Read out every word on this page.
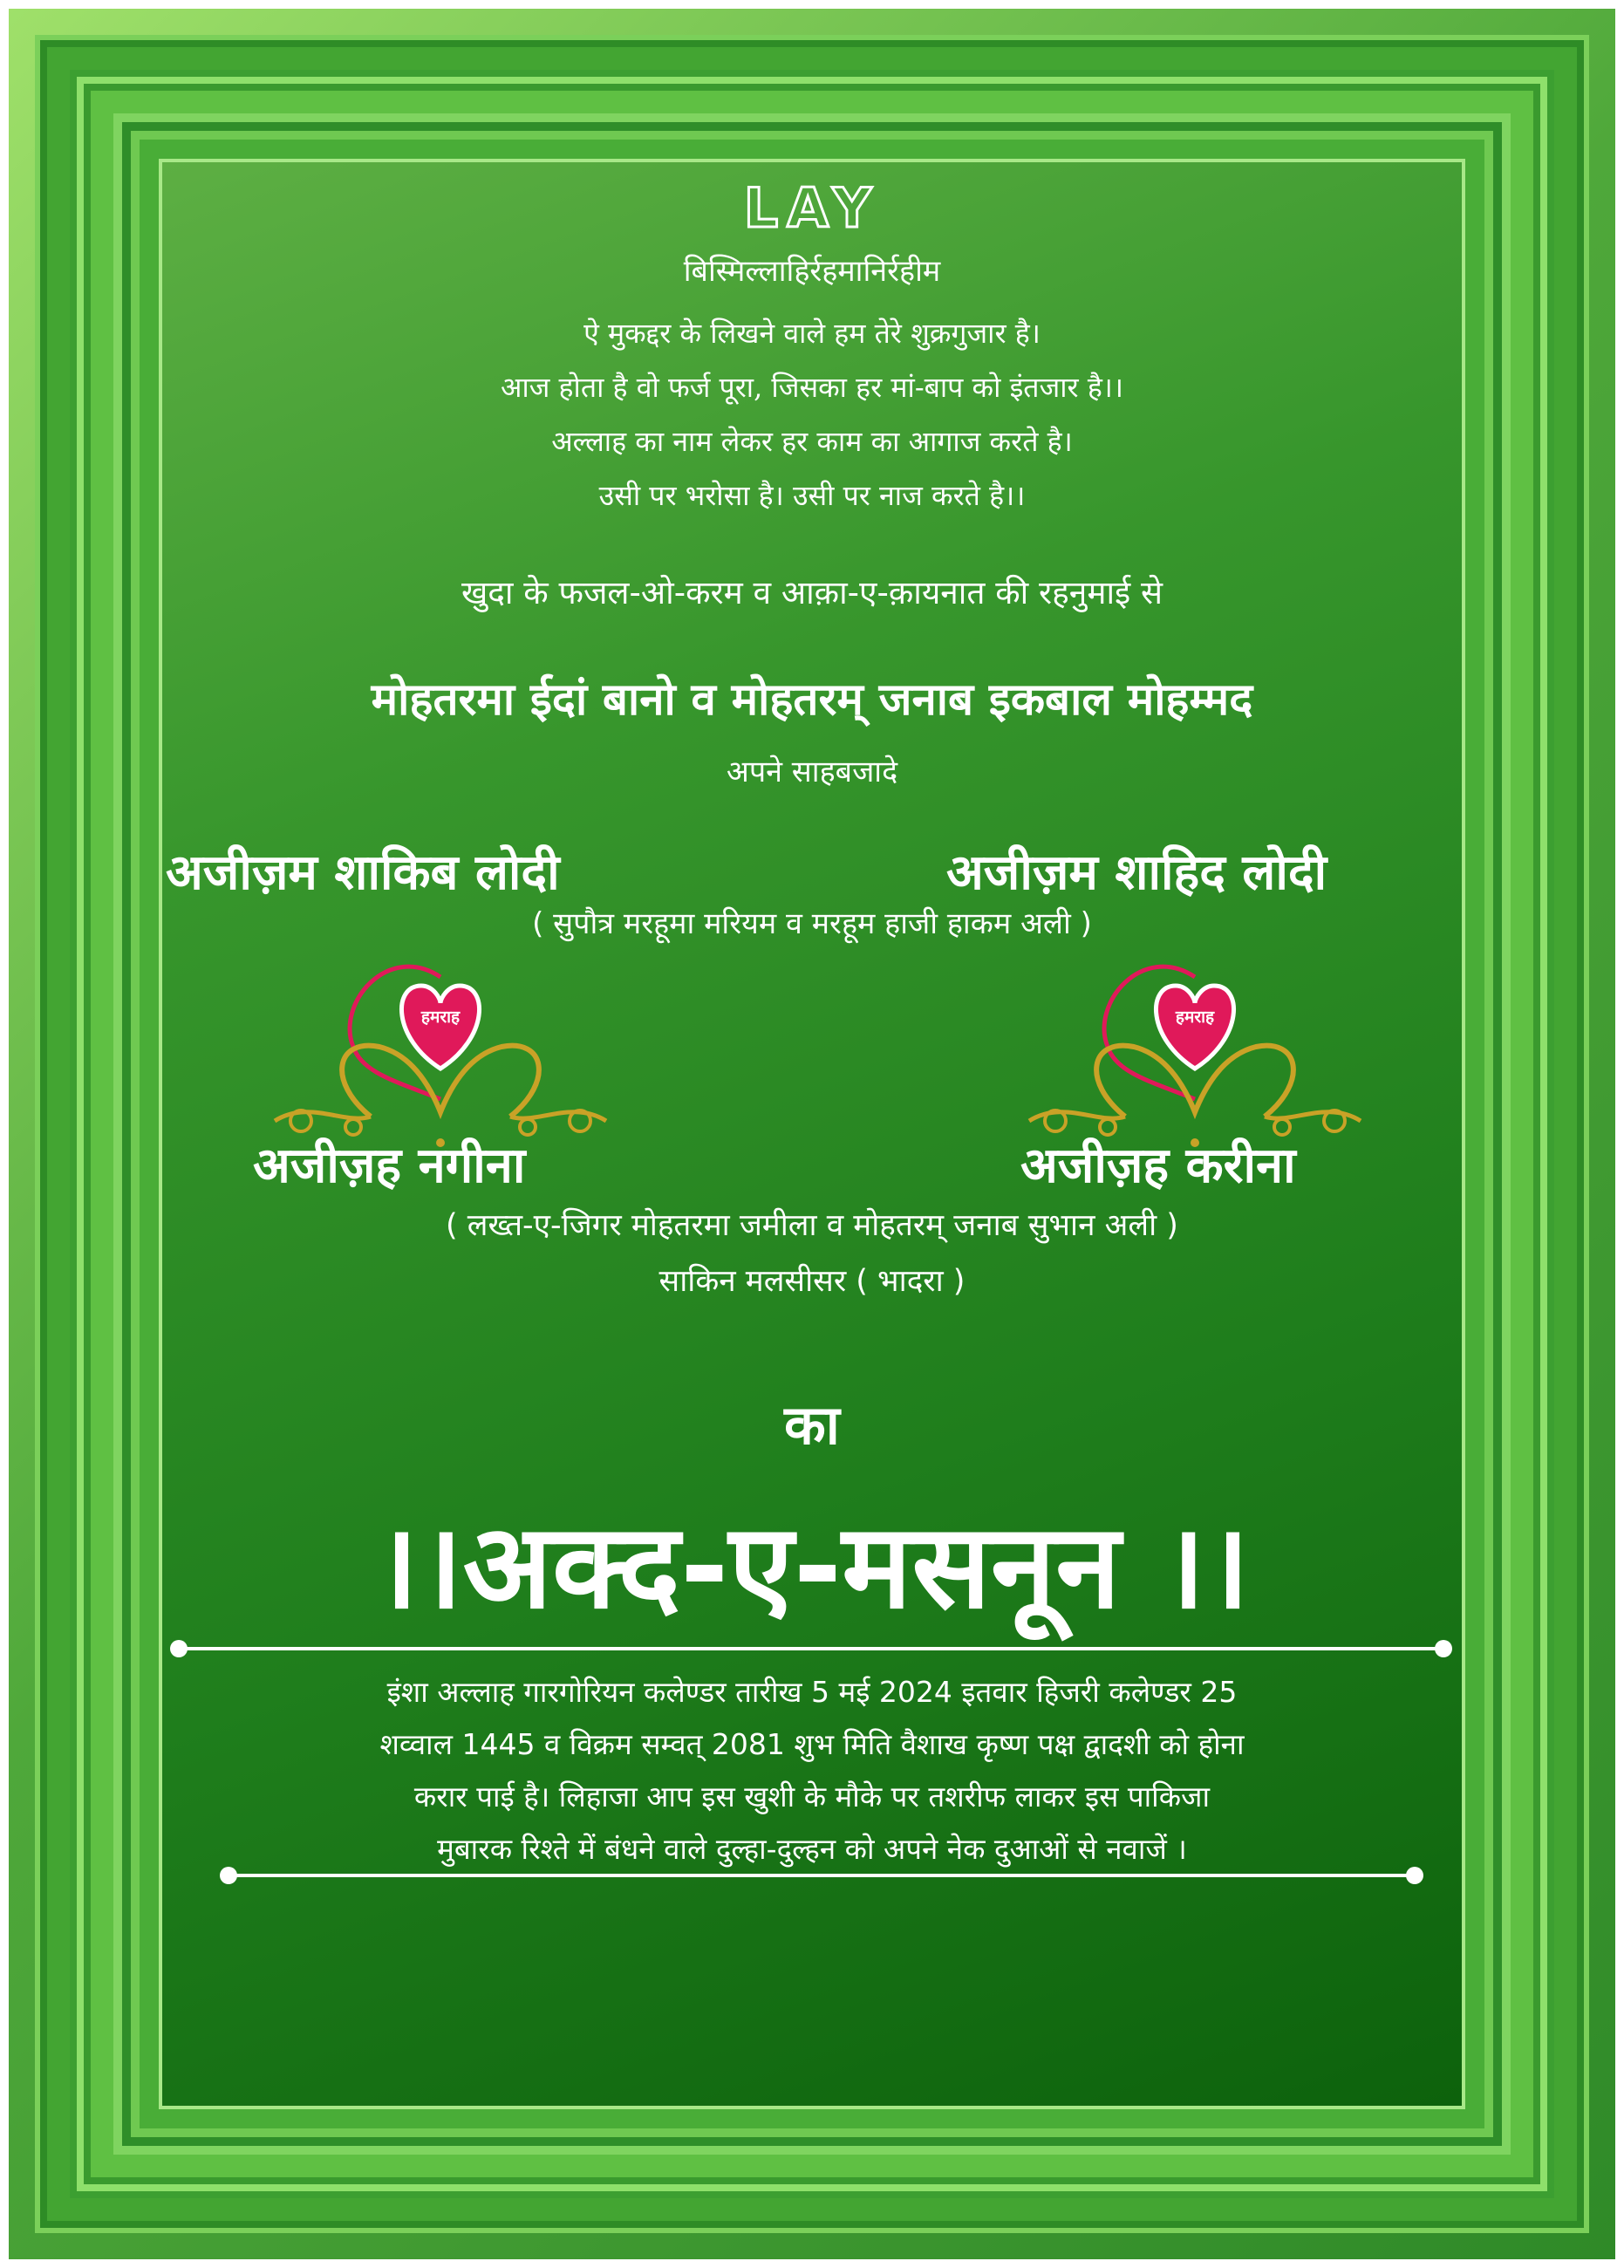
LAY
बिस्मिल्लाहिर्रहमानिर्रहीम
ऐ मुकद्दर के लिखने वाले हम तेरे शुक्रगुजार है।
आज होता है वो फर्ज पूरा, जिसका हर मां-बाप को इंतजार है।।
अल्लाह का नाम लेकर हर काम का आगाज करते है।
उसी पर भरोसा है। उसी पर नाज करते है।।
खुदा के फजल-ओ-करम व आक़ा-ए-क़ायनात की रहनुमाई से
मोहतरमा ईदां बानो व मोहतरम् जनाब इकबाल मोहम्मद
अपने साहबजादे
अजीज़म शाकिब लोदी	अजीज़म शाहिद लोदी
( सुपौत्र मरहूमा मरियम व मरहूम हाजी हाकम अली )
हमराह	हमराह
अजीज़ह नगीना	अजीज़ह करीना
( लख्त-ए-जिगर मोहतरमा जमीला व मोहतरम् जनाब सुभान अली )
साकिन मलसीसर ( भादरा )
का
।।अक्द-ए-मसनून ।।
इंशा अल्लाह गारगोरियन कलेण्डर तारीख 5 मई 2024 इतवार हिजरी कलेण्डर 25
शव्वाल 1445 व विक्रम सम्वत् 2081 शुभ मिति वैशाख कृष्ण पक्ष द्वादशी को होना
करार पाई है। लिहाजा आप इस खुशी के मौके पर तशरीफ लाकर इस पाकिजा
मुबारक रिश्ते में बंधने वाले दुल्हा-दुल्हन को अपने नेक दुआओं से नवाजें ।
